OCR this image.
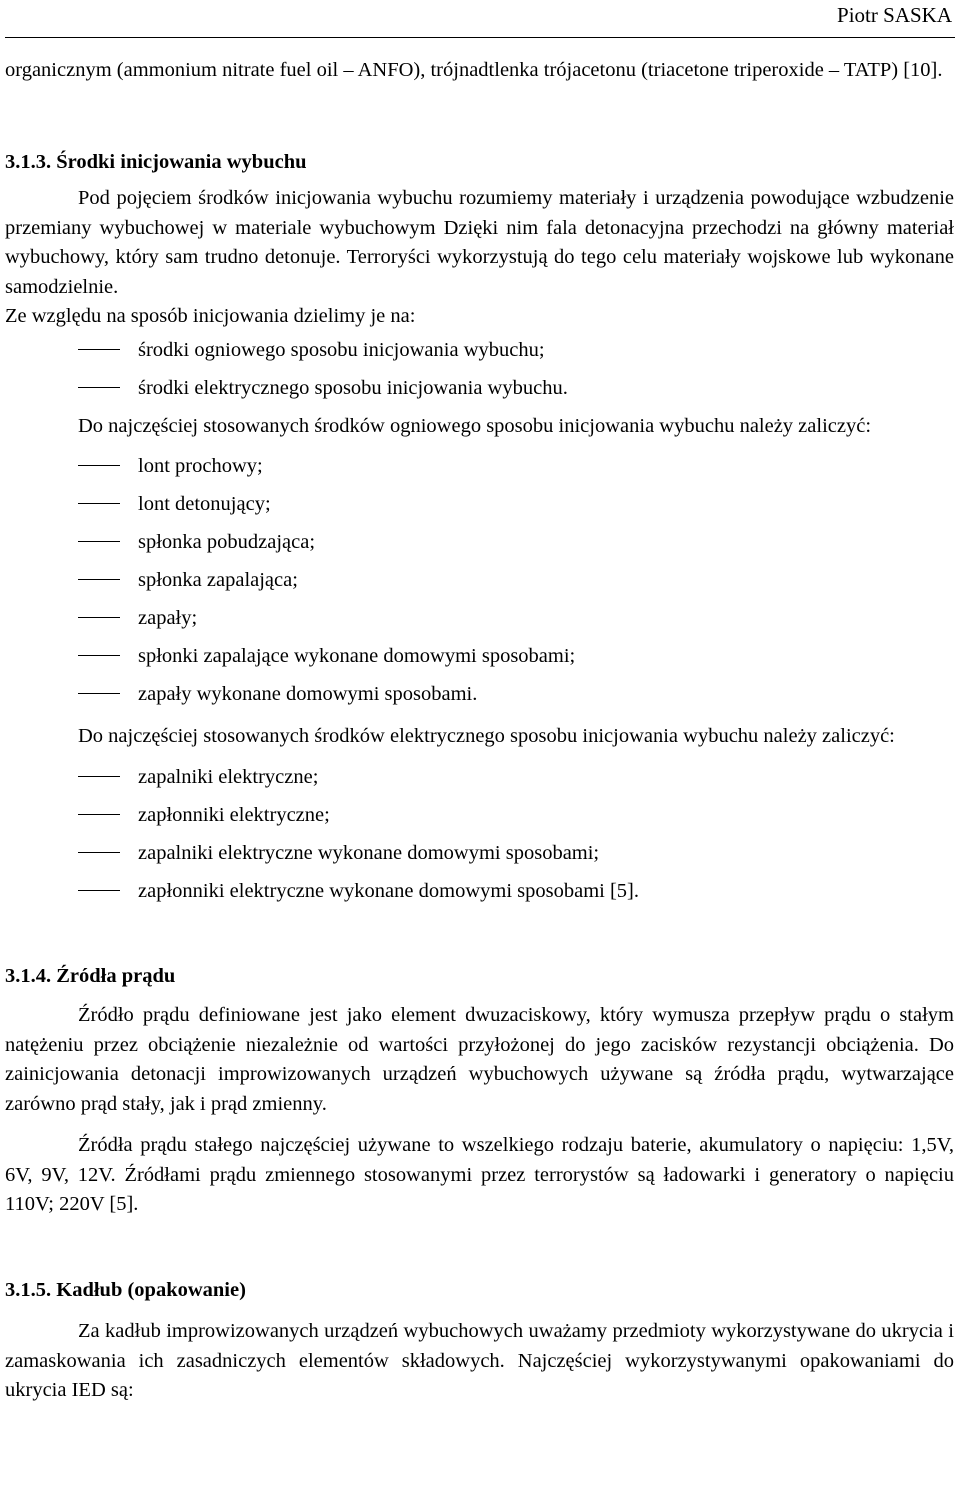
Piotr SASKA

organicznym (ammonium nitrate fuel oil – ANFO), trójnadtlenka trójacetonu (triacetone triperoxide – TATP) [10].

3.1.3. Środki inicjowania wybuchu

Pod pojęciem środków inicjowania wybuchu rozumiemy materiały i urządzenia powodujące wzbudzenie przemiany wybuchowej w materiale wybuchowym Dzięki nim fala detonacyjna przechodzi na główny materiał wybuchowy, który sam trudno detonuje. Terroryści wykorzystują do tego celu materiały wojskowe lub wykonane samodzielnie.

Ze względu na sposób inicjowania dzielimy je na:

środki ogniowego sposobu inicjowania wybuchu;
środki elektrycznego sposobu inicjowania wybuchu.

Do najczęściej stosowanych środków ogniowego sposobu inicjowania wybuchu należy zaliczyć:

lont prochowy;
lont detonujący;
spłonka pobudzająca;
spłonka zapalająca;
zapały;
spłonki zapalające wykonane domowymi sposobami;
zapały wykonane domowymi sposobami.

Do najczęściej stosowanych środków elektrycznego sposobu inicjowania wybuchu należy zaliczyć:

zapalniki elektryczne;
zapłonniki elektryczne;
zapalniki elektryczne wykonane domowymi sposobami;
zapłonniki elektryczne wykonane domowymi sposobami [5].
3.1.4. Źródła prądu

Źródło prądu definiowane jest jako element dwuzaciskowy, który wymusza przepływ prądu o stałym natężeniu przez obciążenie niezależnie od wartości przyłożonej do jego zacisków rezystancji obciążenia. Do zainicjowania detonacji improwizowanych urządzeń wybuchowych używane są źródła prądu, wytwarzające zarówno prąd stały, jak i prąd zmienny.

Źródła prądu stałego najczęściej używane to wszelkiego rodzaju baterie, akumulatory o napięciu: 1,5V, 6V, 9V, 12V. Źródłami prądu zmiennego stosowanymi przez terrorystów są ładowarki i generatory o napięciu 110V; 220V [5].

3.1.5. Kadłub (opakowanie)

Za kadłub improwizowanych urządzeń wybuchowych uważamy przedmioty wykorzystywane do ukrycia i zamaskowania ich zasadniczych elementów składowych. Najczęściej wykorzystywanymi opakowaniami do ukrycia IED są:
